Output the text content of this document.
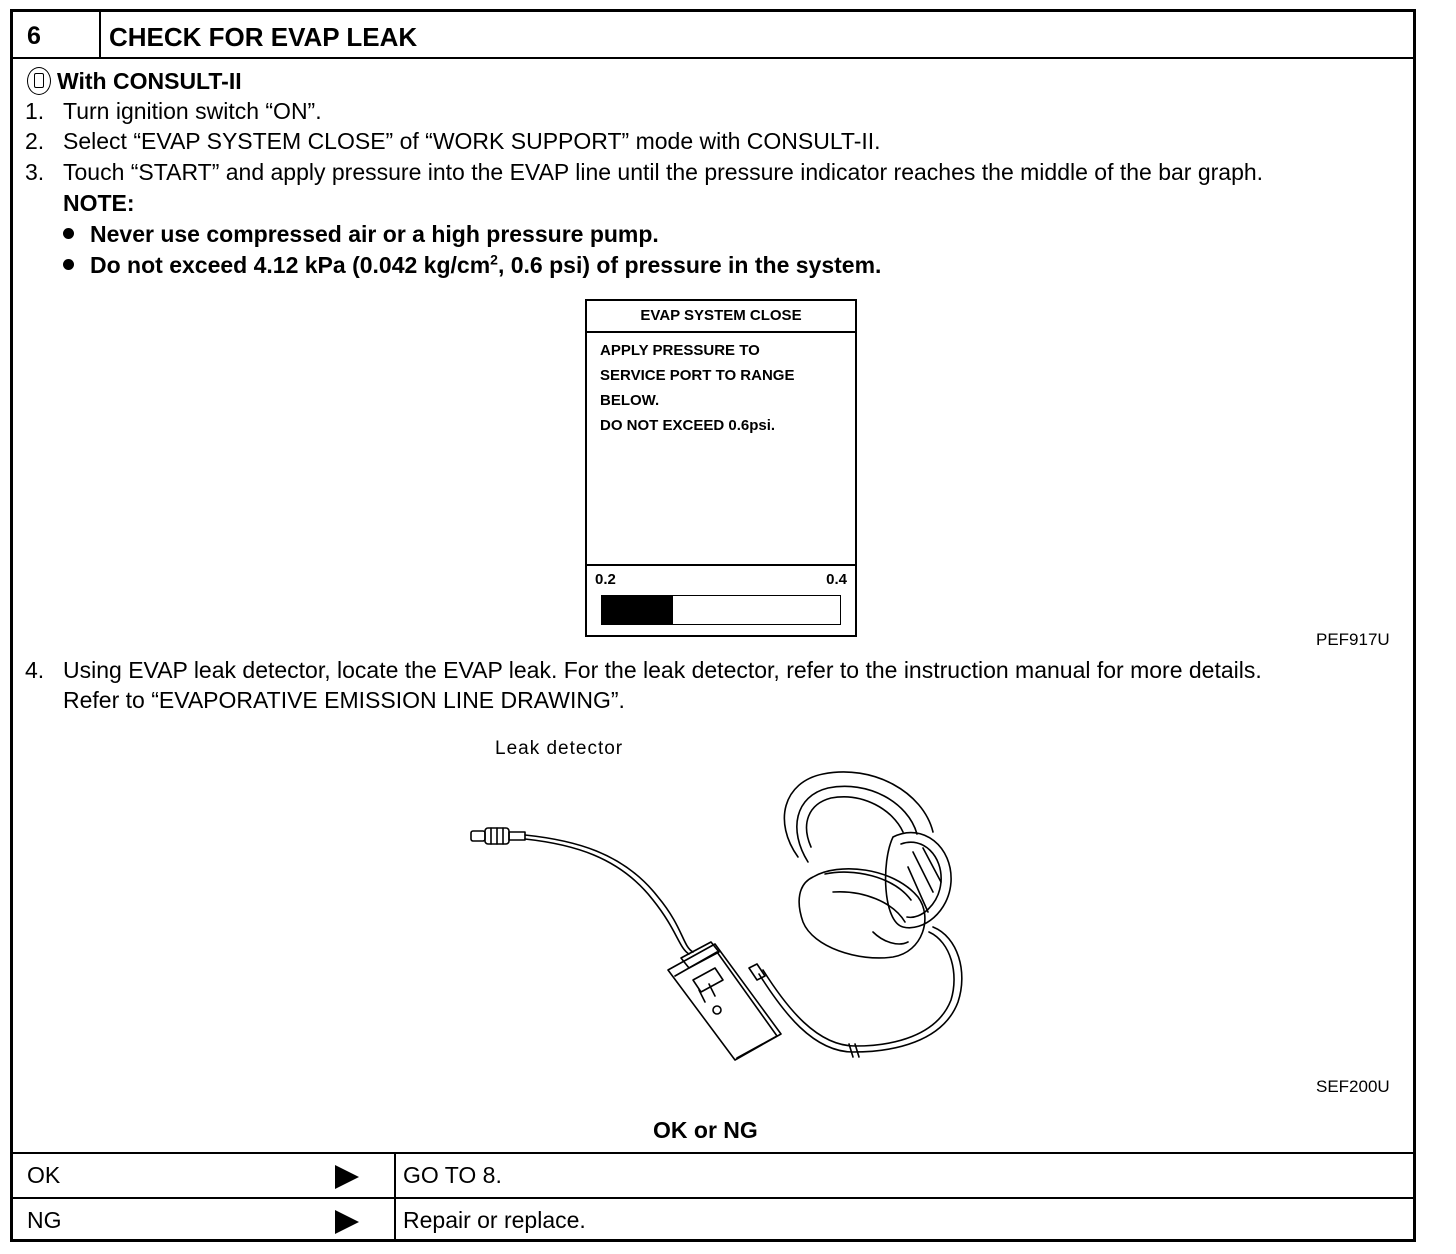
6	CHECK FOR EVAP LEAK
With CONSULT-II
1. Turn ignition switch “ON”.
2. Select “EVAP SYSTEM CLOSE” of “WORK SUPPORT” mode with CONSULT-II.
3. Touch “START” and apply pressure into the EVAP line until the pressure indicator reaches the middle of the bar graph.
NOTE:
Never use compressed air or a high pressure pump.
Do not exceed 4.12 kPa (0.042 $kg/cm^2$, 0.6 psi) of pressure in the system.
EVAP SYSTEM CLOSE
APPLY PRESSURE TO
SERVICE PORT TO RANGE
BELOW.
DO NOT EXCEED 0.6psi.
0.2	0.4
PEF917U
4. Using EVAP leak detector, locate the EVAP leak. For the leak detector, refer to the instruction manual for more details.
Refer to “EVAPORATIVE EMISSION LINE DRAWING”.
Leak detector
SEF200U
OK or NG
OK	GO TO 8.
NG	Repair or replace.
